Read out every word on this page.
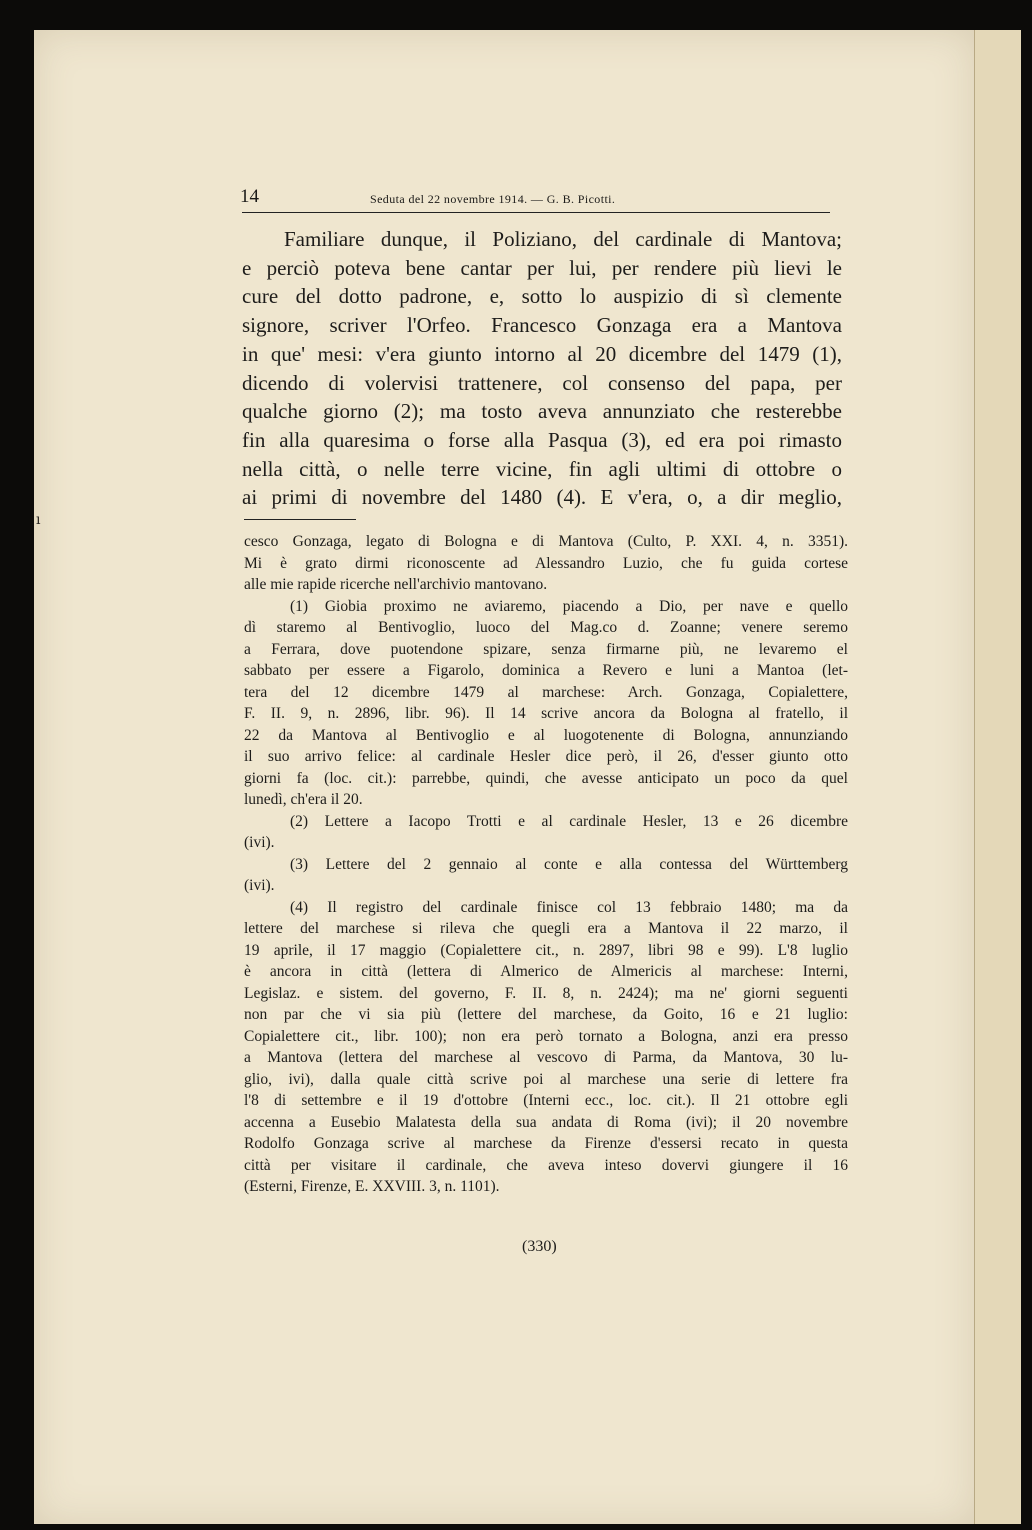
14	Seduta del 22 novembre 1914. — G. B. Picotti.
Familiare dunque, il Poliziano, del cardinale di Mantova;
e perciò poteva bene cantar per lui, per rendere più lievi le
cure del dotto padrone, e, sotto lo auspizio di sì clemente
signore, scriver l'Orfeo. Francesco Gonzaga era a Mantova
in que' mesi: v'era giunto intorno al 20 dicembre del 1479 (1),
dicendo di volervisi trattenere, col consenso del papa, per
qualche giorno (2); ma tosto aveva annunziato che resterebbe
fin alla quaresima o forse alla Pasqua (3), ed era poi rimasto
nella città, o nelle terre vicine, fin agli ultimi di ottobre o
ai primi di novembre del 1480 (4). E v'era, o, a dir meglio,
cesco Gonzaga, legato di Bologna e di Mantova (Culto, P. XXI. 4, n. 3351).
Mi è grato dirmi riconoscente ad Alessandro Luzio, che fu guida cortese
alle mie rapide ricerche nell'archivio mantovano.
(1) Giobia proximo ne aviaremo, piacendo a Dio, per nave e quello
dì staremo al Bentivoglio, luoco del Mag.co d. Zoanne; venere seremo
a Ferrara, dove puotendone spizare, senza firmarne più, ne levaremo el
sabbato per essere a Figarolo, dominica a Revero e luni a Mantoa (let-
tera del 12 dicembre 1479 al marchese: Arch. Gonzaga, Copialettere,
F. II. 9, n. 2896, libr. 96). Il 14 scrive ancora da Bologna al fratello, il
22 da Mantova al Bentivoglio e al luogotenente di Bologna, annunziando
il suo arrivo felice: al cardinale Hesler dice però, il 26, d'esser giunto otto
giorni fa (loc. cit.): parrebbe, quindi, che avesse anticipato un poco da quel
lunedì, ch'era il 20.
(2) Lettere a Iacopo Trotti e al cardinale Hesler, 13 e 26 dicembre
(ivi).
(3) Lettere del 2 gennaio al conte e alla contessa del Württemberg
(ivi).
(4) Il registro del cardinale finisce col 13 febbraio 1480; ma da
lettere del marchese si rileva che quegli era a Mantova il 22 marzo, il
19 aprile, il 17 maggio (Copialettere cit., n. 2897, libri 98 e 99). L'8 luglio
è ancora in città (lettera di Almerico de Almericis al marchese: Interni,
Legislaz. e sistem. del governo, F. II. 8, n. 2424); ma ne' giorni seguenti
non par che vi sia più (lettere del marchese, da Goito, 16 e 21 luglio:
Copialettere cit., libr. 100); non era però tornato a Bologna, anzi era presso
a Mantova (lettera del marchese al vescovo di Parma, da Mantova, 30 lu-
glio, ivi), dalla quale città scrive poi al marchese una serie di lettere fra
l'8 di settembre e il 19 d'ottobre (Interni ecc., loc. cit.). Il 21 ottobre egli
accenna a Eusebio Malatesta della sua andata di Roma (ivi); il 20 novembre
Rodolfo Gonzaga scrive al marchese da Firenze d'essersi recato in questa
città per visitare il cardinale, che aveva inteso dovervi giungere il 16
(Esterni, Firenze, E. XXVIII. 3, n. 1101).
(330)
ı
